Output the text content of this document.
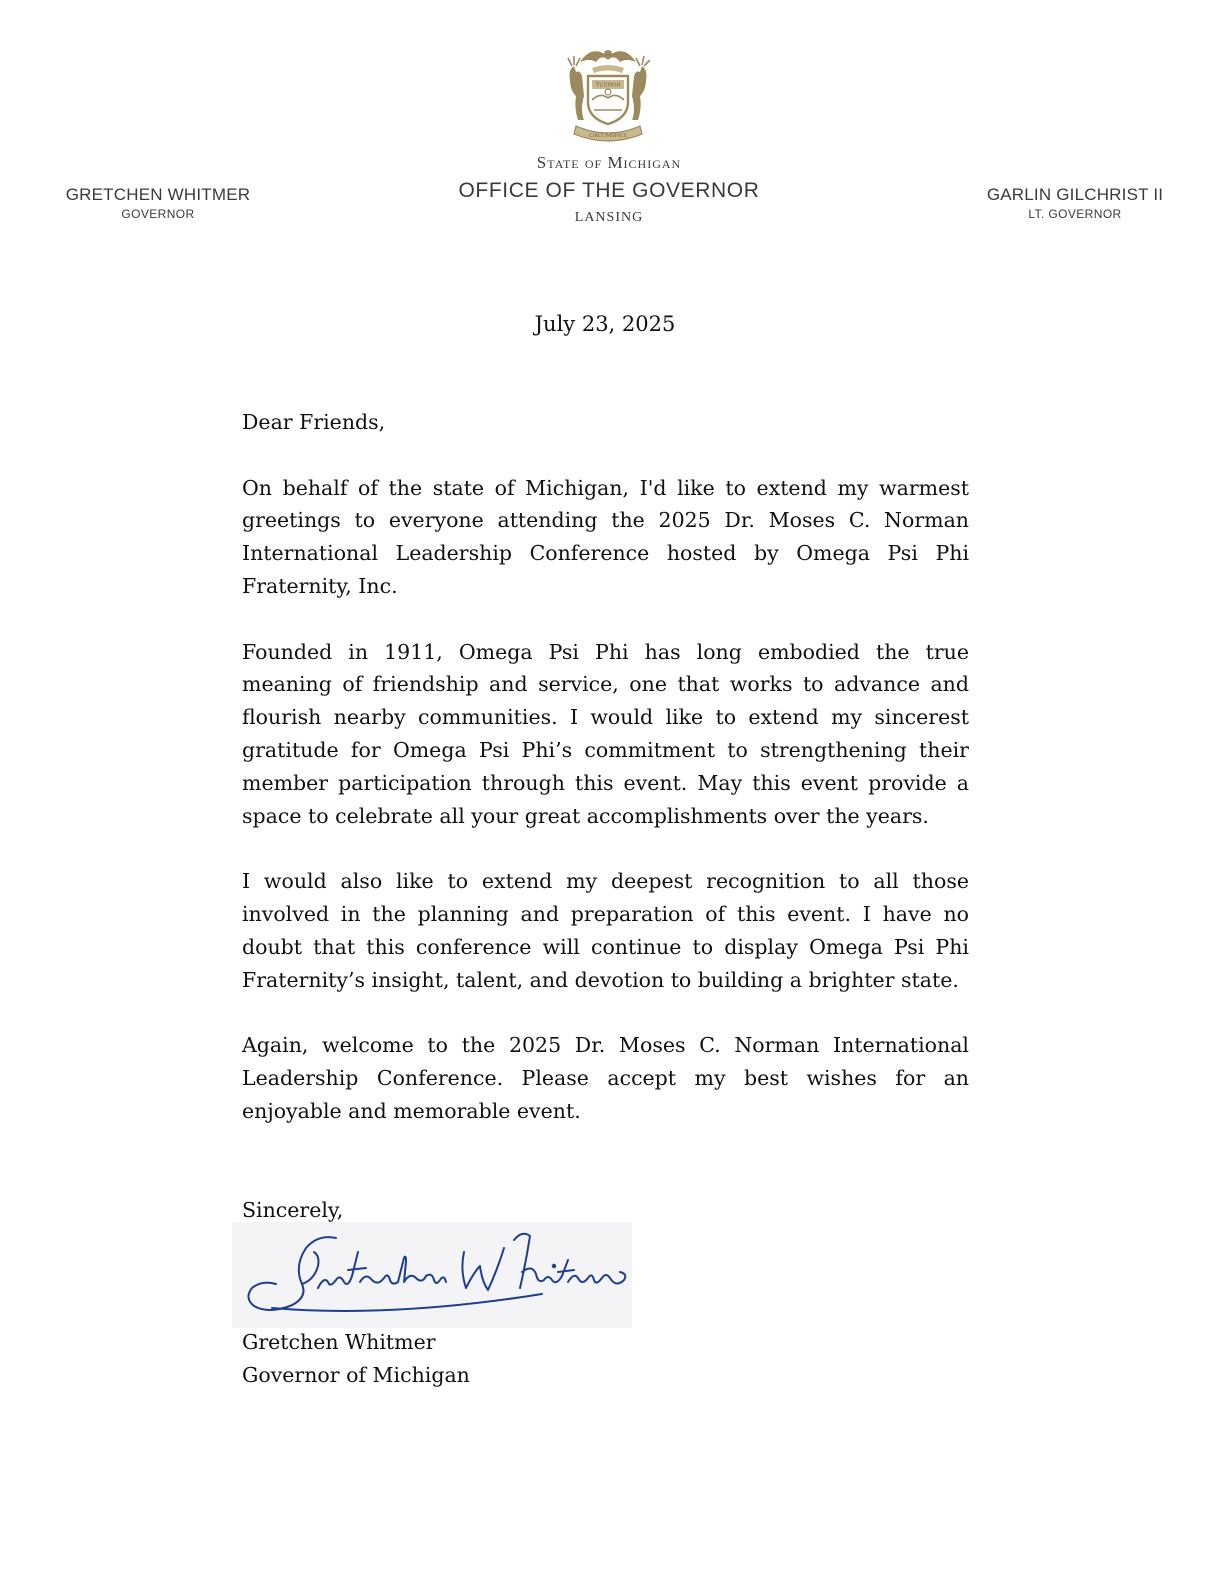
TUEBOR
CIRCUMSPICE
GRETCHEN WHITMER
GOVERNOR
State of Michigan
OFFICE OF THE GOVERNOR
LANSING
GARLIN GILCHRIST II
LT. GOVERNOR
July 23, 2025

Dear Friends,

On behalf of the state of Michigan, I'd like to extend my warmest greetings to everyone attending the 2025 Dr. Moses C. Norman International Leadership Conference hosted by Omega Psi Phi Fraternity, Inc.

Founded in 1911, Omega Psi Phi has long embodied the true meaning of friendship and service, one that works to advance and flourish nearby communities. I would like to extend my sincerest gratitude for Omega Psi Phi’s commitment to strengthening their member participation through this event. May this event provide a space to celebrate all your great accomplishments over the years.

I would also like to extend my deepest recognition to all those involved in the planning and preparation of this event. I have no doubt that this conference will continue to display Omega Psi Phi Fraternity’s insight, talent, and devotion to building a brighter state.

Again, welcome to the 2025 Dr. Moses C. Norman International Leadership Conference. Please accept my best wishes for an enjoyable and memorable event.

Sincerely,
Gretchen Whitmer
Gretchen Whitmer
Governor of Michigan
